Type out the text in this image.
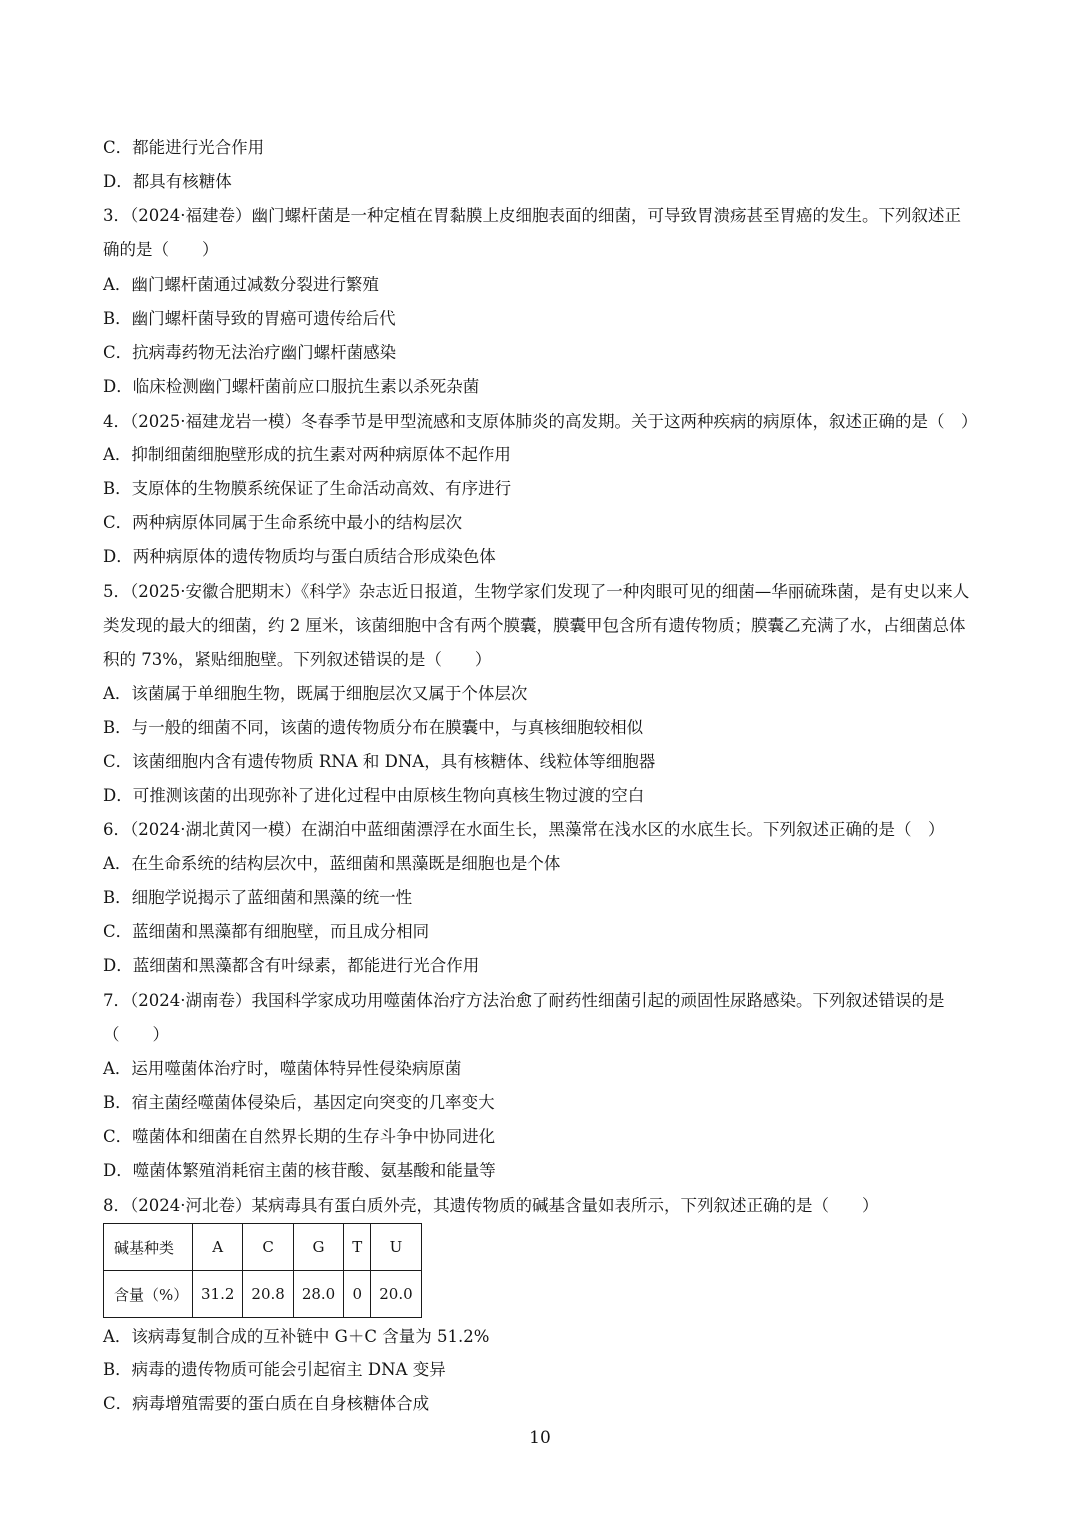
C．都能进行光合作用
D．都具有核糖体
3．（2024·福建卷）幽门螺杆菌是一种定植在胃黏膜上皮细胞表面的细菌，可导致胃溃疡甚至胃癌的发生。下列叙述正
确的是（　　）
A．幽门螺杆菌通过减数分裂进行繁殖
B．幽门螺杆菌导致的胃癌可遗传给后代
C．抗病毒药物无法治疗幽门螺杆菌感染
D．临床检测幽门螺杆菌前应口服抗生素以杀死杂菌
4．（2025·福建龙岩一模）冬春季节是甲型流感和支原体肺炎的高发期。关于这两种疾病的病原体，叙述正确的是（　）
A．抑制细菌细胞壁形成的抗生素对两种病原体不起作用
B．支原体的生物膜系统保证了生命活动高效、有序进行
C．两种病原体同属于生命系统中最小的结构层次
D．两种病原体的遗传物质均与蛋白质结合形成染色体
5．（2025·安徽合肥期末）《科学》杂志近日报道，生物学家们发现了一种肉眼可见的细菌—华丽硫珠菌，是有史以来人
类发现的最大的细菌，约 2 厘米，该菌细胞中含有两个膜囊，膜囊甲包含所有遗传物质；膜囊乙充满了水，占细菌总体
积的 73%，紧贴细胞壁。下列叙述错误的是（　　）
A．该菌属于单细胞生物，既属于细胞层次又属于个体层次
B．与一般的细菌不同，该菌的遗传物质分布在膜囊中，与真核细胞较相似
C．该菌细胞内含有遗传物质 RNA 和 DNA，具有核糖体、线粒体等细胞器
D．可推测该菌的出现弥补了进化过程中由原核生物向真核生物过渡的空白
6．（2024·湖北黄冈一模）在湖泊中蓝细菌漂浮在水面生长，黑藻常在浅水区的水底生长。下列叙述正确的是（　）
A．在生命系统的结构层次中，蓝细菌和黑藻既是细胞也是个体
B．细胞学说揭示了蓝细菌和黑藻的统一性
C．蓝细菌和黑藻都有细胞壁，而且成分相同
D．蓝细菌和黑藻都含有叶绿素，都能进行光合作用
7．（2024·湖南卷）我国科学家成功用噬菌体治疗方法治愈了耐药性细菌引起的顽固性尿路感染。下列叙述错误的是
（　　）
A．运用噬菌体治疗时，噬菌体特异性侵染病原菌
B．宿主菌经噬菌体侵染后，基因定向突变的几率变大
C．噬菌体和细菌在自然界长期的生存斗争中协同进化
D．噬菌体繁殖消耗宿主菌的核苷酸、氨基酸和能量等
8．（2024·河北卷）某病毒具有蛋白质外壳，其遗传物质的碱基含量如表所示，下列叙述正确的是（　　）
碱基种类	A	C	G	T	U
含量（%）	31.2	20.8	28.0	0	20.0
A．该病毒复制合成的互补链中 G＋C 含量为 51.2%
B．病毒的遗传物质可能会引起宿主 DNA 变异
C．病毒增殖需要的蛋白质在自身核糖体合成
10
